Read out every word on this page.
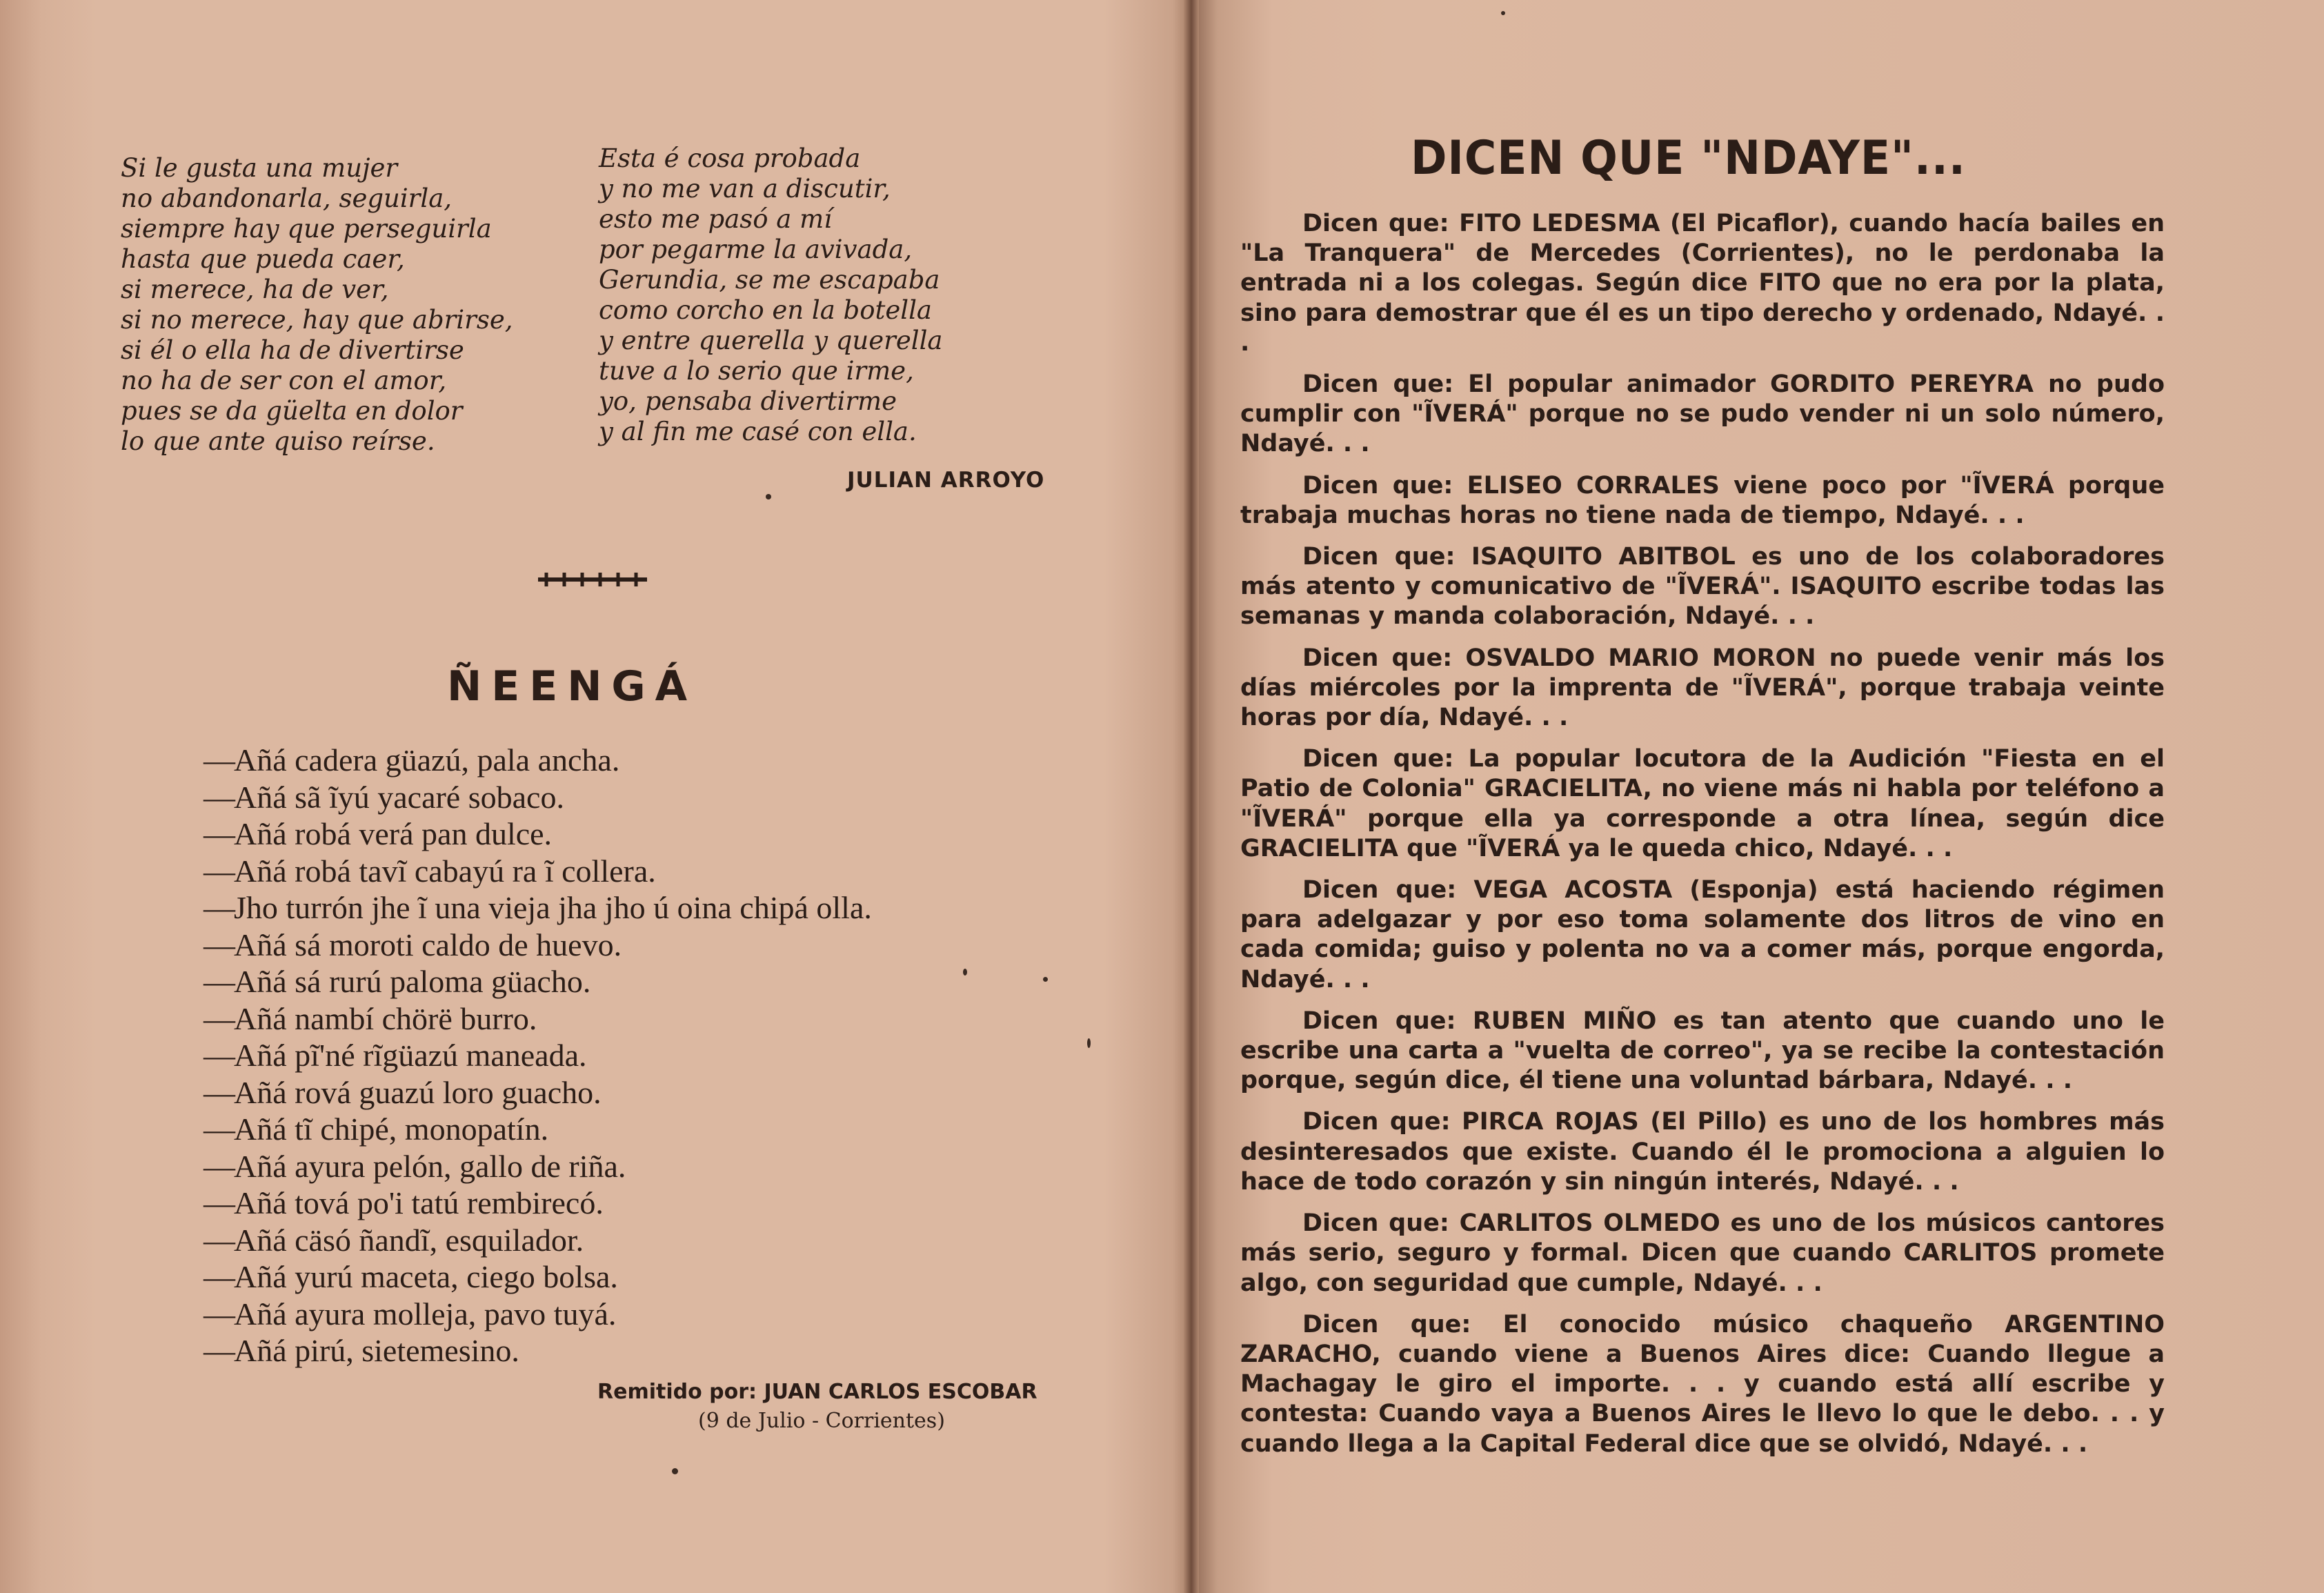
Si le gusta una mujer
no abandonarla, seguirla,
siempre hay que perseguirla
hasta que pueda caer,
si merece, ha de ver,
si no merece, hay que abrirse,
si él o ella ha de divertirse
no ha de ser con el amor,
pues se da güelta en dolor
lo que ante quiso reírse.
Esta é cosa probada
y no me van a discutir,
esto me pasó a mí
por pegarme la avivada,
Gerundia, se me escapaba
como corcho en la botella
y entre querella y querella
tuve a lo serio que irme,
yo, pensaba divertirme
y al fin me casé con ella.
JULIAN ARROYO
ÑEENGÁ
—Añá cadera güazú, pala ancha.
—Añá sã ĩyú yacaré sobaco.
—Añá robá verá pan dulce.
—Añá robá tavĩ cabayú ra ĩ collera.
—Jho turrón jhe ĩ una vieja jha jho ú oina chipá olla.
—Añá sá moroti caldo de huevo.
—Añá sá rurú paloma güacho.
—Añá nambí chörë burro.
—Añá pĩ'né rĩgüazú maneada.
—Añá rová guazú loro guacho.
—Añá tĩ chipé, monopatín.
—Añá ayura pelón, gallo de riña.
—Añá tová po'i tatú rembirecó.
—Añá cäsó ñandĩ, esquilador.
—Añá yurú maceta, ciego bolsa.
—Añá ayura molleja, pavo tuyá.
—Añá pirú, sietemesino.
Remitido por: JUAN CARLOS ESCOBAR
(9 de Julio - Corrientes)
DICEN QUE "NDAYE"...

Dicen que: FITO LEDESMA (El Picaflor), cuando hacía bailes en "La Tranquera" de Mercedes (Corrientes), no le perdonaba la entrada ni a los colegas. Según dice FITO que no era por la plata, sino para demostrar que él es un tipo derecho y ordenado, Ndayé. . .

Dicen que: El popular animador GORDITO PEREYRA no pudo cumplir con "ĨVERÁ" porque no se pudo vender ni un solo número, Ndayé. . .

Dicen que: ELISEO CORRALES viene poco por "ĨVERÁ porque trabaja muchas horas no tiene nada de tiempo, Ndayé. . .

Dicen que: ISAQUITO ABITBOL es uno de los colaboradores más atento y comunicativo de "ĨVERÁ". ISAQUITO escribe todas las semanas y manda colaboración, Ndayé. . .

Dicen que: OSVALDO MARIO MORON no puede venir más los días miércoles por la imprenta de "ĨVERÁ", porque trabaja veinte horas por día, Ndayé. . .

Dicen que: La popular locutora de la Audición "Fiesta en el Patio de Colonia" GRACIELITA, no viene más ni habla por teléfono a "ĨVERÁ" porque ella ya corresponde a otra línea, según dice GRACIELITA que "ĨVERÁ ya le queda chico, Ndayé. . .

Dicen que: VEGA ACOSTA (Esponja) está haciendo régimen para adelgazar y por eso toma solamente dos litros de vino en cada comida; guiso y polenta no va a comer más, porque engorda, Ndayé. . .

Dicen que: RUBEN MIÑO es tan atento que cuando uno le escribe una carta a "vuelta de correo", ya se recibe la contestación porque, según dice, él tiene una voluntad bárbara, Ndayé. . .

Dicen que: PIRCA ROJAS (El Pillo) es uno de los hombres más desinteresados que existe. Cuando él le promociona a alguien lo hace de todo corazón y sin ningún interés, Ndayé. . .

Dicen que: CARLITOS OLMEDO es uno de los músicos cantores más serio, seguro y formal. Dicen que cuando CARLITOS promete algo, con seguridad que cumple, Ndayé. . .

Dicen que: El conocido músico chaqueño ARGENTINO ZARACHO, cuando viene a Buenos Aires dice: Cuando llegue a Machagay le giro el importe. . . y cuando está allí escribe y contesta: Cuando vaya a Buenos Aires le llevo lo que le debo. . . y cuando llega a la Capital Federal dice que se olvidó, Ndayé. . .
